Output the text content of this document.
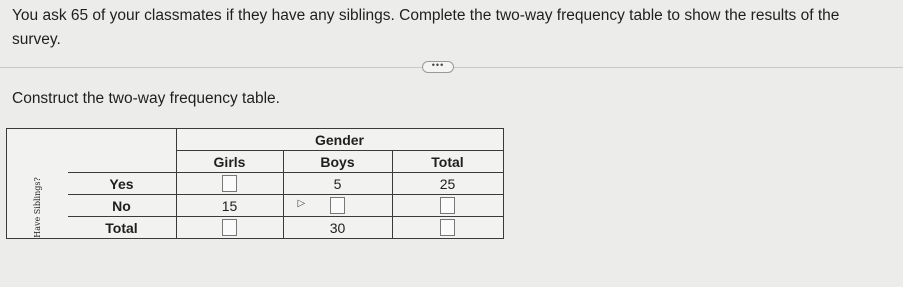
You ask 65 of your classmates if they have any siblings. Complete the two-way frequency table to show the results of the survey.

•••

Construct the two-way frequency table.

		Gender		
		Girls	Boys	Total
Have Siblings?	Yes		5	25
	No	15	▷	

	Total		30	
